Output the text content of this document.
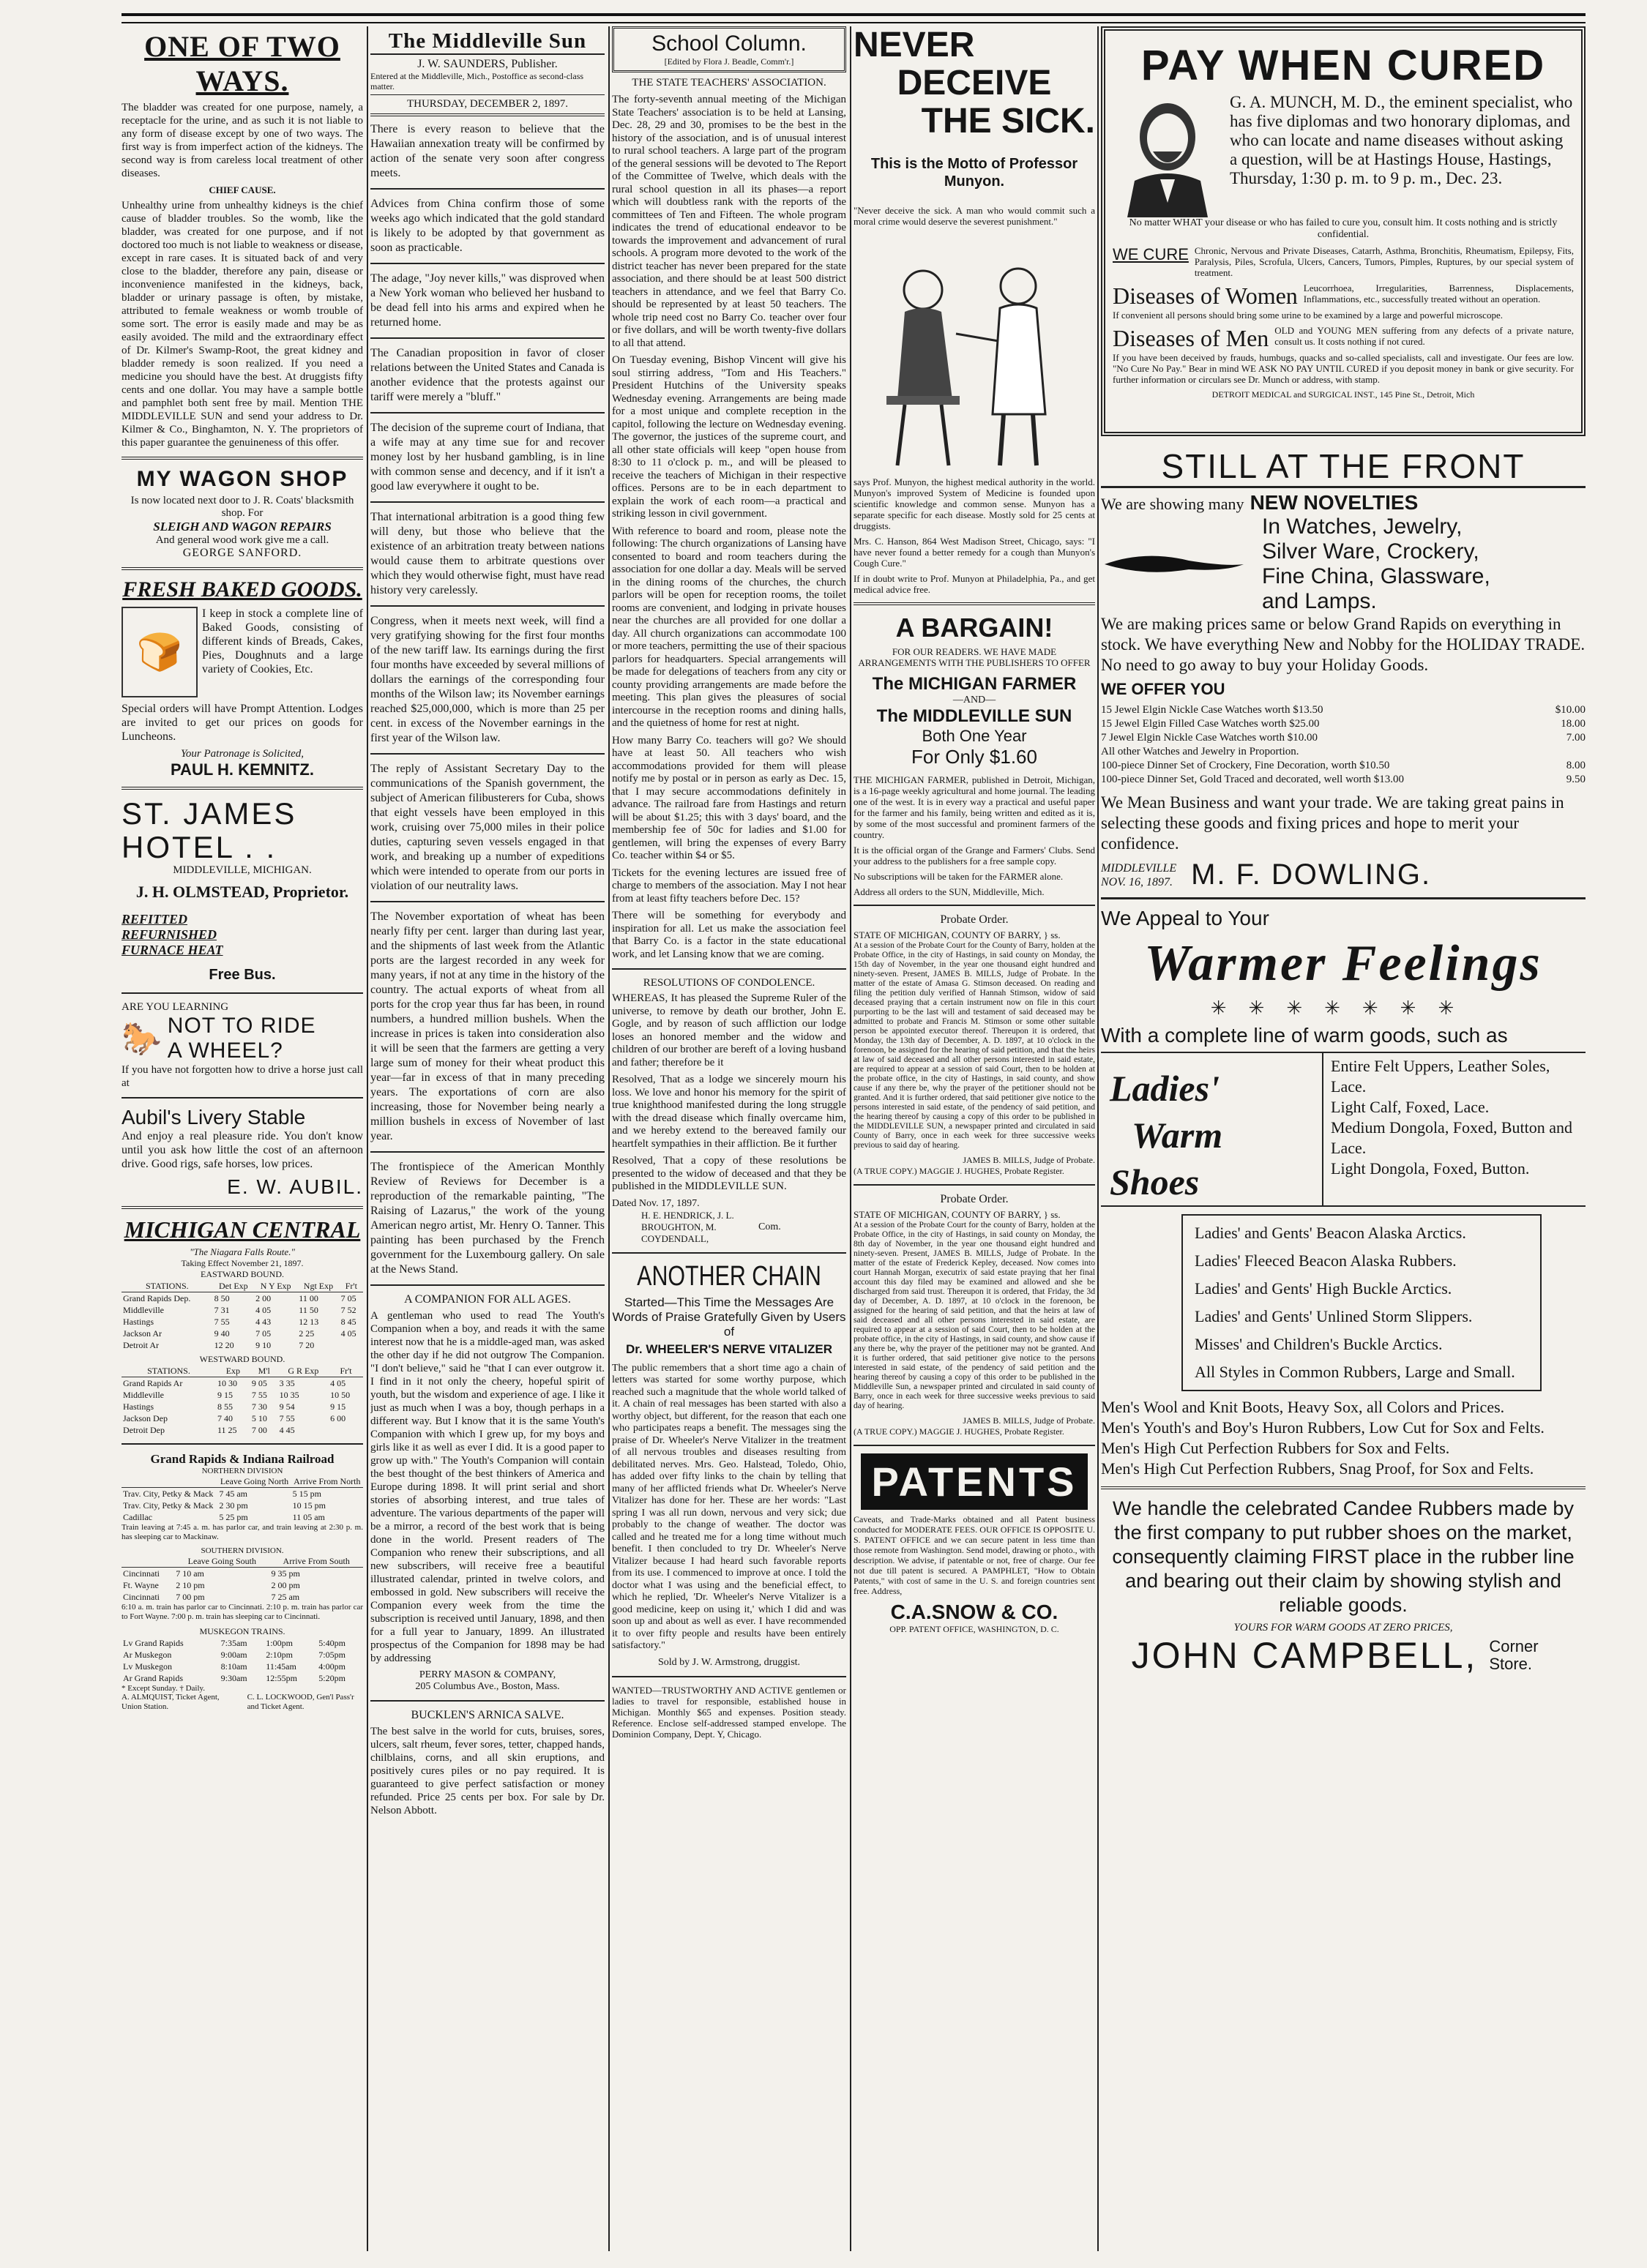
ONE OF TWO WAYS.

The bladder was created for one purpose, namely, a receptacle for the urine, and as such it is not liable to any form of disease except by one of two ways. The first way is from imperfect action of the kidneys. The second way is from careless local treatment of other diseases.

CHIEF CAUSE.

Unhealthy urine from unhealthy kidneys is the chief cause of bladder troubles. So the womb, like the bladder, was created for one purpose, and if not doctored too much is not liable to weakness or disease, except in rare cases. It is situated back of and very close to the bladder, therefore any pain, disease or inconvenience manifested in the kidneys, back, bladder or urinary passage is often, by mistake, attributed to female weakness or womb trouble of some sort. The error is easily made and may be as easily avoided. The mild and the extraordinary effect of Dr. Kilmer's Swamp-Root, the great kidney and bladder remedy is soon realized. If you need a medicine you should have the best. At druggists fifty cents and one dollar. You may have a sample bottle and pamphlet both sent free by mail. Mention THE MIDDLEVILLE SUN and send your address to Dr. Kilmer & Co., Binghamton, N. Y. The proprietors of this paper guarantee the genuineness of this offer.

MY WAGON SHOP
Is now located next door to J. R. Coats' blacksmith shop. For
SLEIGH AND WAGON REPAIRS
And general wood work give me a call.
GEORGE SANFORD.
FRESH BAKED GOODS.
🍞

I keep in stock a complete line of Baked Goods, consisting of different kinds of Breads, Cakes, Pies, Doughnuts and a large variety of Cookies, Etc.

Special orders will have Prompt Attention. Lodges are invited to get our prices on goods for Luncheons.

Your Patronage is Solicited,
PAUL H. KEMNITZ.
ST. JAMES HOTEL . .
MIDDLEVILLE, MICHIGAN.
J. H. OLMSTEAD, Proprietor.
REFITTED
REFURNISHED
FURNACE HEAT
Free Bus.
ARE YOU LEARNING
🐎 NOT TO RIDE
A WHEEL?

If you have not forgotten how to drive a horse just call at

Aubil's Livery Stable

And enjoy a real pleasure ride. You don't know until you ask how little the cost of an afternoon drive. Good rigs, safe horses, low prices.

E. W. AUBIL.
MICHIGAN CENTRAL
"The Niagara Falls Route."
Taking Effect November 21, 1897.
EASTWARD BOUND.
STATIONS.	Det Exp	N Y Exp	Ngt Exp	Fr't
Grand Rapids Dep.	8 50	2 00	11 00	7 05
Middleville	7 31	4 05	11 50	7 52
Hastings	7 55	4 43	12 13	8 45
Jackson Ar	9 40	7 05	2 25	4 05
Detroit Ar	12 20	9 10	7 20	
WESTWARD BOUND.
STATIONS.	Exp	M'l	G R Exp	Fr't
Grand Rapids Ar	10 30	9 05	3 35	4 05
Middleville	9 15	7 55	10 35	10 50
Hastings	8 55	7 30	9 54	9 15
Jackson Dep	7 40	5 10	7 55	6 00
Detroit Dep	11 25	7 00	4 45	
Grand Rapids & Indiana Railroad
NORTHERN DIVISION
	Leave Going North	Arrive From North
Trav. City, Petky & Mack	7 45 am	5 15 pm
Trav. City, Petky & Mack	2 30 pm	10 15 pm
Cadillac	5 25 pm	11 05 am

Train leaving at 7:45 a. m. has parlor car, and train leaving at 2:30 p. m. has sleeping car to Mackinaw.

SOUTHERN DIVISION.
	Leave Going South	Arrive From South
Cincinnati	7 10 am	9 35 pm
Ft. Wayne	2 10 pm	2 00 pm
Cincinnati	7 00 pm	7 25 am

6:10 a. m. train has parlor car to Cincinnati. 2:10 p. m. train has parlor car to Fort Wayne. 7:00 p. m. train has sleeping car to Cincinnati.

MUSKEGON TRAINS.
Lv Grand Rapids	7:35am	1:00pm	5:40pm
Ar Muskegon	9:00am	2:10pm	7:05pm
Lv Muskegon	8:10am	11:45am	4:00pm
Ar Grand Rapids	9:30am	12:55pm	5:20pm
* Except Sunday. † Daily.
A. ALMQUIST, Ticket Agent, Union Station.
C. L. LOCKWOOD, Gen'l Pass'r and Ticket Agent.
The Middleville Sun
J. W. SAUNDERS, Publisher.
Entered at the Middleville, Mich., Postoffice as second-class matter.
THURSDAY, DECEMBER 2, 1897.

There is every reason to believe that the Hawaiian annexation treaty will be confirmed by action of the senate very soon after congress meets.

Advices from China confirm those of some weeks ago which indicated that the gold standard is likely to be adopted by that government as soon as practicable.

The adage, "Joy never kills," was disproved when a New York woman who believed her husband to be dead fell into his arms and expired when he returned home.

The Canadian proposition in favor of closer relations between the United States and Canada is another evidence that the protests against our tariff were merely a "bluff."

The decision of the supreme court of Indiana, that a wife may at any time sue for and recover money lost by her husband gambling, is in line with common sense and decency, and if it isn't a good law everywhere it ought to be.

That international arbitration is a good thing few will deny, but those who believe that the existence of an arbitration treaty between nations would cause them to arbitrate questions over which they would otherwise fight, must have read history very carelessly.

Congress, when it meets next week, will find a very gratifying showing for the first four months of the new tariff law. Its earnings during the first four months have exceeded by several millions of dollars the earnings of the corresponding four months of the Wilson law; its November earnings reached $25,000,000, which is more than 25 per cent. in excess of the November earnings in the first year of the Wilson law.

The reply of Assistant Secretary Day to the communications of the Spanish government, the subject of American filibusterers for Cuba, shows that eight vessels have been employed in this work, cruising over 75,000 miles in their police duties, capturing seven vessels engaged in that work, and breaking up a number of expeditions which were intended to operate from our ports in violation of our neutrality laws.

The November exportation of wheat has been nearly fifty per cent. larger than during last year, and the shipments of last week from the Atlantic ports are the largest recorded in any week for many years, if not at any time in the history of the country. The actual exports of wheat from all ports for the crop year thus far has been, in round numbers, a hundred million bushels. When the increase in prices is taken into consideration also it will be seen that the farmers are getting a very large sum of money for their wheat product this year—far in excess of that in many preceding years. The exportations of corn are also increasing, those for November being nearly a million bushels in excess of November of last year.

The frontispiece of the American Monthly Review of Reviews for December is a reproduction of the remarkable painting, "The Raising of Lazarus," the work of the young American negro artist, Mr. Henry O. Tanner. This painting has been purchased by the French government for the Luxembourg gallery. On sale at the News Stand.

A COMPANION FOR ALL AGES.

A gentleman who used to read The Youth's Companion when a boy, and reads it with the same interest now that he is a middle-aged man, was asked the other day if he did not outgrow The Companion. "I don't believe," said he "that I can ever outgrow it. I find in it not only the cheery, hopeful spirit of youth, but the wisdom and experience of age. I like it just as much when I was a boy, though perhaps in a different way. But I know that it is the same Youth's Companion with which I grew up, for my boys and girls like it as well as ever I did. It is a good paper to grow up with." The Youth's Companion will contain the best thought of the best thinkers of America and Europe during 1898. It will print serial and short stories of absorbing interest, and true tales of adventure. The various departments of the paper will be a mirror, a record of the best work that is being done in the world. Present readers of The Companion who renew their subscriptions, and all new subscribers, will receive free a beautiful illustrated calendar, printed in twelve colors, and embossed in gold. New subscribers will receive the Companion every week from the time the subscription is received until January, 1898, and then for a full year to January, 1899. An illustrated prospectus of the Companion for 1898 may be had by addressing

PERRY MASON & COMPANY,
205 Columbus Ave., Boston, Mass.
BUCKLEN'S ARNICA SALVE.

The best salve in the world for cuts, bruises, sores, ulcers, salt rheum, fever sores, tetter, chapped hands, chilblains, corns, and all skin eruptions, and positively cures piles or no pay required. It is guaranteed to give perfect satisfaction or money refunded. Price 25 cents per box. For sale by Dr. Nelson Abbott.

School Column.
[Edited by Flora J. Beadle, Comm'r.]
THE STATE TEACHERS' ASSOCIATION.

The forty-seventh annual meeting of the Michigan State Teachers' association is to be held at Lansing, Dec. 28, 29 and 30, promises to be the best in the history of the association, and is of unusual interest to rural school teachers. A large part of the program of the general sessions will be devoted to The Report of the Committee of Twelve, which deals with the rural school question in all its phases—a report which will doubtless rank with the reports of the committees of Ten and Fifteen. The whole program indicates the trend of educational endeavor to be towards the improvement and advancement of rural schools. A program more devoted to the work of the district teacher has never been prepared for the state association, and there should be at least 500 district teachers in attendance, and we feel that Barry Co. should be represented by at least 50 teachers. The whole trip need cost no Barry Co. teacher over four or five dollars, and will be worth twenty-five dollars to all that attend.

On Tuesday evening, Bishop Vincent will give his soul stirring address, "Tom and His Teachers." President Hutchins of the University speaks Wednesday evening. Arrangements are being made for a most unique and complete reception in the capitol, following the lecture on Wednesday evening. The governor, the justices of the supreme court, and all other state officials will keep "open house from 8:30 to 11 o'clock p. m., and will be pleased to receive the teachers of Michigan in their respective offices. Persons are to be in each department to explain the work of each room—a practical and striking lesson in civil government.

With reference to board and room, please note the following: The church organizations of Lansing have consented to board and room teachers during the association for one dollar a day. Meals will be served in the dining rooms of the churches, the church parlors will be open for reception rooms, the toilet rooms are convenient, and lodging in private houses near the churches are all provided for one dollar a day. All church organizations can accommodate 100 or more teachers, permitting the use of their spacious parlors for headquarters. Special arrangements will be made for delegations of teachers from any city or county providing arrangements are made before the meeting. This plan gives the pleasures of social intercourse in the reception rooms and dining halls, and the quietness of home for rest at night.

How many Barry Co. teachers will go? We should have at least 50. All teachers who wish accommodations provided for them will please notify me by postal or in person as early as Dec. 15, that I may secure accommodations definitely in advance. The railroad fare from Hastings and return will be about $1.25; this with 3 days' board, and the membership fee of 50c for ladies and $1.00 for gentlemen, will bring the expenses of every Barry Co. teacher within $4 or $5.

Tickets for the evening lectures are issued free of charge to members of the association. May I not hear from at least fifty teachers before Dec. 15?

There will be something for everybody and inspiration for all. Let us make the association feel that Barry Co. is a factor in the state educational work, and let Lansing know that we are coming.

RESOLUTIONS OF CONDOLENCE.

WHEREAS, It has pleased the Supreme Ruler of the universe, to remove by death our brother, John E. Gogle, and by reason of such affliction our lodge loses an honored member and the widow and children of our brother are bereft of a loving husband and father; therefore be it

Resolved, That as a lodge we sincerely mourn his loss. We love and honor his memory for the spirit of true knighthood manifested during the long struggle with the dread disease which finally overcame him, and we hereby extend to the bereaved family our heartfelt sympathies in their affliction. Be it further

Resolved, That a copy of these resolutions be presented to the widow of deceased and that they be published in the MIDDLEVILLE SUN.

Dated Nov. 17, 1897.
H. E. HENDRICK, J. L. BROUGHTON, M. COYDENDALL,
Com.
ANOTHER CHAIN
Started—This Time the Messages Are Words of Praise Gratefully Given by Users of
Dr. WHEELER'S NERVE VITALIZER

The public remembers that a short time ago a chain of letters was started for some worthy purpose, which reached such a magnitude that the whole world talked of it. A chain of real messages has been started with also a worthy object, but different, for the reason that each one who participates reaps a benefit. The messages sing the praise of Dr. Wheeler's Nerve Vitalizer in the treatment of all nervous troubles and diseases resulting from debilitated nerves. Mrs. Geo. Halstead, Toledo, Ohio, has added over fifty links to the chain by telling that many of her afflicted friends what Dr. Wheeler's Nerve Vitalizer has done for her. These are her words: "Last spring I was all run down, nervous and very sick; due probably to the change of weather. The doctor was called and he treated me for a long time without much benefit. I then concluded to try Dr. Wheeler's Nerve Vitalizer because I had heard such favorable reports from its use. I commenced to improve at once. I told the doctor what I was using and the beneficial effect, to which he replied, 'Dr. Wheeler's Nerve Vitalizer is a good medicine, keep on using it,' which I did and was soon up and about as well as ever. I have recommended it to over fifty people and results have been entirely satisfactory."

Sold by J. W. Armstrong, druggist.

WANTED—TRUSTWORTHY AND ACTIVE gentlemen or ladies to travel for responsible, established house in Michigan. Monthly $65 and expenses. Position steady. Reference. Enclose self-addressed stamped envelope. The Dominion Company, Dept. Y, Chicago.

NEVER
DECEIVE
THE SICK.
This is the Motto of Professor Munyon.

"Never deceive the sick. A man who would commit such a moral crime would deserve the severest punishment."

says Prof. Munyon, the highest medical authority in the world. Munyon's improved System of Medicine is founded upon scientific knowledge and common sense. Munyon has a separate specific for each disease. Mostly sold for 25 cents at druggists.

Mrs. C. Hanson, 864 West Madison Street, Chicago, says: "I have never found a better remedy for a cough than Munyon's Cough Cure."

If in doubt write to Prof. Munyon at Philadelphia, Pa., and get medical advice free.

A BARGAIN!
FOR OUR READERS. WE HAVE MADE ARRANGEMENTS WITH THE PUBLISHERS TO OFFER
The MICHIGAN FARMER
—AND—
The MIDDLEVILLE SUN
Both One Year
For Only $1.60

THE MICHIGAN FARMER, published in Detroit, Michigan, is a 16-page weekly agricultural and home journal. The leading one of the west. It is in every way a practical and useful paper for the farmer and his family, being written and edited as it is, by some of the most successful and prominent farmers of the country.

It is the official organ of the Grange and Farmers' Clubs. Send your address to the publishers for a free sample copy.

No subscriptions will be taken for the FARMER alone.

Address all orders to the SUN, Middleville, Mich.

Probate Order.
STATE OF MICHIGAN, COUNTY OF BARRY, } ss.

At a session of the Probate Court for the County of Barry, holden at the Probate Office, in the city of Hastings, in said county on Monday, the 15th day of November, in the year one thousand eight hundred and ninety-seven. Present, JAMES B. MILLS, Judge of Probate. In the matter of the estate of Amasa G. Stimson deceased. On reading and filing the petition duly verified of Hannah Stimson, widow of said deceased praying that a certain instrument now on file in this court purporting to be the last will and testament of said deceased may be admitted to probate and Francis M. Stimson or some other suitable person be appointed executor thereof. Thereupon it is ordered, that Monday, the 13th day of December, A. D. 1897, at 10 o'clock in the forenoon, be assigned for the hearing of said petition, and that the heirs at law of said deceased and all other persons interested in said estate, are required to appear at a session of said Court, then to be holden at the probate office, in the city of Hastings, in said county, and show cause if any there be, why the prayer of the petitioner should not be granted. And it is further ordered, that said petitioner give notice to the persons interested in said estate, of the pendency of said petition, and the hearing thereof by causing a copy of this order to be published in the MIDDLEVILLE SUN, a newspaper printed and circulated in said County of Barry, once in each week for three successive weeks previous to said day of hearing.

JAMES B. MILLS, Judge of Probate.
(A TRUE COPY.) MAGGIE J. HUGHES, Probate Register.
Probate Order.
STATE OF MICHIGAN, COUNTY OF BARRY, } ss.

At a session of the Probate Court for the county of Barry, holden at the Probate Office, in the city of Hastings, in said county on Monday, the 8th day of November, in the year one thousand eight hundred and ninety-seven. Present, JAMES B. MILLS, Judge of Probate. In the matter of the estate of Frederick Kepley, deceased. Now comes into court Hannah Morgan, executrix of said estate praying that her final account this day filed may be examined and allowed and she be discharged from said trust. Thereupon it is ordered, that Friday, the 3d day of December, A. D. 1897, at 10 o'clock in the forenoon, be assigned for the hearing of said petition, and that the heirs at law of said deceased and all other persons interested in said estate, are required to appear at a session of said Court, then to be holden at the probate office, in the city of Hastings, in said county, and show cause if any there be, why the prayer of the petitioner may not be granted. And it is further ordered, that said petitioner give notice to the persons interested in said estate, of the pendency of said petition and the hearing thereof by causing a copy of this order to be published in the Middleville Sun, a newspaper printed and circulated in said county of Barry, once in each week for three successive weeks previous to said day of hearing.

JAMES B. MILLS, Judge of Probate.
(A TRUE COPY.) MAGGIE J. HUGHES, Probate Register.
PATENTS

Caveats, and Trade-Marks obtained and all Patent business conducted for MODERATE FEES. OUR OFFICE IS OPPOSITE U. S. PATENT OFFICE and we can secure patent in less time than those remote from Washington. Send model, drawing or photo., with description. We advise, if patentable or not, free of charge. Our fee not due till patent is secured. A PAMPHLET, "How to Obtain Patents," with cost of same in the U. S. and foreign countries sent free. Address,

C.A.SNOW & CO.
OPP. PATENT OFFICE, WASHINGTON, D. C.
PAY WHEN CURED

G. A. MUNCH, M. D., the eminent specialist, who has five diplomas and two honorary diplomas, and who can locate and name diseases without asking a question, will be at Hastings House, Hastings, Thursday, 1:30 p. m. to 9 p. m., Dec. 23.

No matter WHAT your disease or who has failed to cure you, consult him. It costs nothing and is strictly confidential.

WE CURE Chronic, Nervous and Private Diseases, Catarrh, Asthma, Bronchitis, Rheumatism, Epilepsy, Fits, Paralysis, Piles, Scrofula, Ulcers, Cancers, Tumors, Pimples, Ruptures, by our special system of treatment.

Diseases of Women Leucorrhoea, Irregularities, Barrenness, Displacements, Inflammations, etc., successfully treated without an operation.

If convenient all persons should bring some urine to be examined by a large and powerful microscope.

Diseases of Men OLD and YOUNG MEN suffering from any defects of a private nature, consult us. It costs nothing if not cured.

If you have been deceived by frauds, humbugs, quacks and so-called specialists, call and investigate. Our fees are low. "No Cure No Pay." Bear in mind WE ASK NO PAY UNTIL CURED if you deposit money in bank or give security. For further information or circulars see Dr. Munch or address, with stamp.

DETROIT MEDICAL and SURGICAL INST., 145 Pine St., Detroit, Mich
STILL AT THE FRONT
We are showing many NEW NOVELTIES
In Watches, Jewelry,
Silver Ware, Crockery,
Fine China, Glassware,
and Lamps.

We are making prices same or below Grand Rapids on everything in stock. We have everything New and Nobby for the HOLIDAY TRADE. No need to go away to buy your Holiday Goods.

WE OFFER YOU
15 Jewel Elgin Nickle Case Watches worth $13.50	$10.00
15 Jewel Elgin Filled Case Watches worth $25.00	18.00
7 Jewel Elgin Nickle Case Watches worth $10.00	7.00
All other Watches and Jewelry in Proportion.
100-piece Dinner Set of Crockery, Fine Decoration, worth $10.50	8.00
100-piece Dinner Set, Gold Traced and decorated, well worth $13.00	9.50

We Mean Business and want your trade. We are taking great pains in selecting these goods and fixing prices and hope to merit your confidence.

MIDDLEVILLE
NOV. 16, 1897. M. F. DOWLING.
We Appeal to Your
Warmer Feelings
✳✳✳✳✳✳✳
With a complete line of warm goods, such as
Ladies'
Warm
Shoes
Entire Felt Uppers, Leather Soles, Lace.
Light Calf, Foxed, Lace.
Medium Dongola, Foxed, Button and Lace.
Light Dongola, Foxed, Button.
Ladies' and Gents' Beacon Alaska Arctics.
Ladies' Fleeced Beacon Alaska Rubbers.
Ladies' and Gents' High Buckle Arctics.
Ladies' and Gents' Unlined Storm Slippers.
Misses' and Children's Buckle Arctics.
All Styles in Common Rubbers, Large and Small.
Men's Wool and Knit Boots, Heavy Sox, all Colors and Prices.
Men's Youth's and Boy's Huron Rubbers, Low Cut for Sox and Felts.
Men's High Cut Perfection Rubbers for Sox and Felts.
Men's High Cut Perfection Rubbers, Snag Proof, for Sox and Felts.

We handle the celebrated Candee Rubbers made by the first company to put rubber shoes on the market, consequently claiming FIRST place in the rubber line and bearing out their claim by showing stylish and reliable goods.

YOURS FOR WARM GOODS AT ZERO PRICES,
JOHN CAMPBELL, Corner Store.
